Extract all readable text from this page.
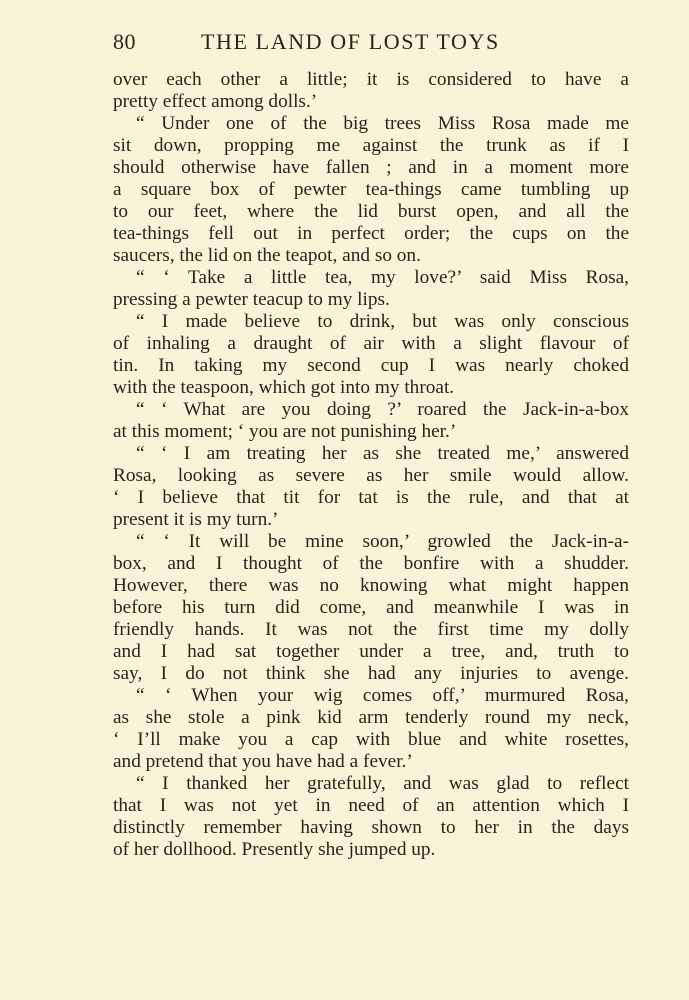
80	THE LAND OF LOST TOYS
over each other a little; it is considered to have a
pretty effect among dolls.’
“ Under one of the big trees Miss Rosa made me
sit down, propping me against the trunk as if I
should otherwise have fallen ; and in a moment more
a square box of pewter tea-things came tumbling up
to our feet, where the lid burst open, and all the
tea-things fell out in perfect order; the cups on the
saucers, the lid on the teapot, and so on.
“ ‘ Take a little tea, my love?’ said Miss Rosa,
pressing a pewter teacup to my lips.
“ I made believe to drink, but was only conscious
of inhaling a draught of air with a slight flavour of
tin. In taking my second cup I was nearly choked
with the teaspoon, which got into my throat.
“ ‘ What are you doing ?’ roared the Jack-in-a-box
at this moment; ‘ you are not punishing her.’
“ ‘ I am treating her as she treated me,’ answered
Rosa, looking as severe as her smile would allow.
‘ I believe that tit for tat is the rule, and that at
present it is my turn.’
“ ‘ It will be mine soon,’ growled the Jack-in-a-
box, and I thought of the bonfire with a shudder.
However, there was no knowing what might happen
before his turn did come, and meanwhile I was in
friendly hands. It was not the first time my dolly
and I had sat together under a tree, and, truth to
say, I do not think she had any injuries to avenge.
“ ‘ When your wig comes off,’ murmured Rosa,
as she stole a pink kid arm tenderly round my neck,
‘ I’ll make you a cap with blue and white rosettes,
and pretend that you have had a fever.’
“ I thanked her gratefully, and was glad to reflect
that I was not yet in need of an attention which I
distinctly remember having shown to her in the days
of her dollhood. Presently she jumped up.
